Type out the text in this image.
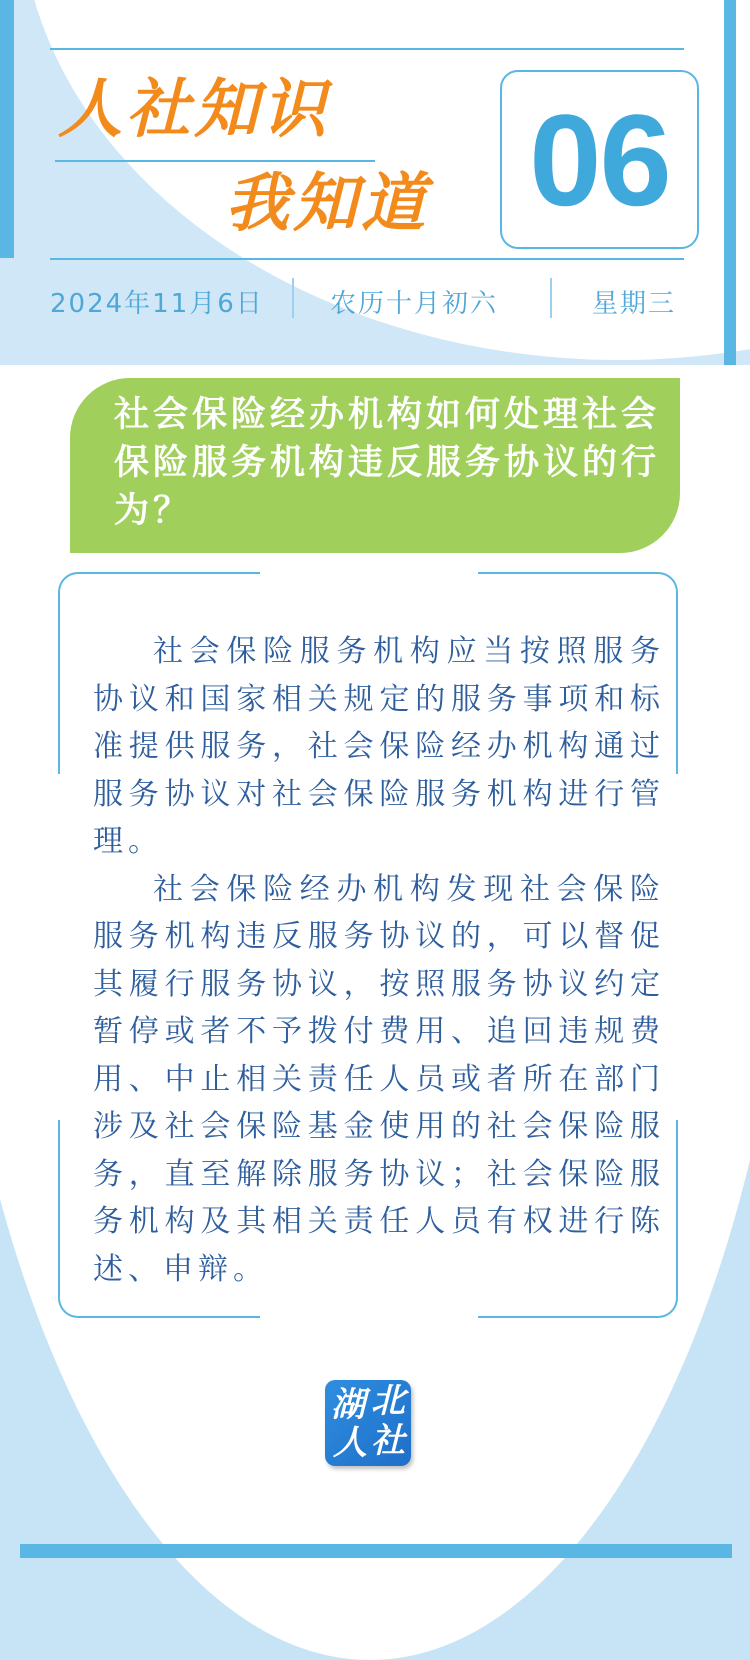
人社知识
我知道 06
2024年11月6日	农历十月初六	星期三
社会保险经办机构如何处理社会保险服务机构违反服务协议的行为？

社会保险服务机构应当按照服务协议和国家相关规定的服务事项和标准提供服务，社会保险经办机构通过服务协议对社会保险服务机构进行管理。

社会保险经办机构发现社会保险服务机构违反服务协议的，可以督促其履行服务协议，按照服务协议约定暂停或者不予拨付费用、追回违规费用、中止相关责任人员或者所在部门涉及社会保险基金使用的社会保险服务，直至解除服务协议；社会保险服务机构及其相关责任人员有权进行陈述、申辩。

湖 北
人 社
